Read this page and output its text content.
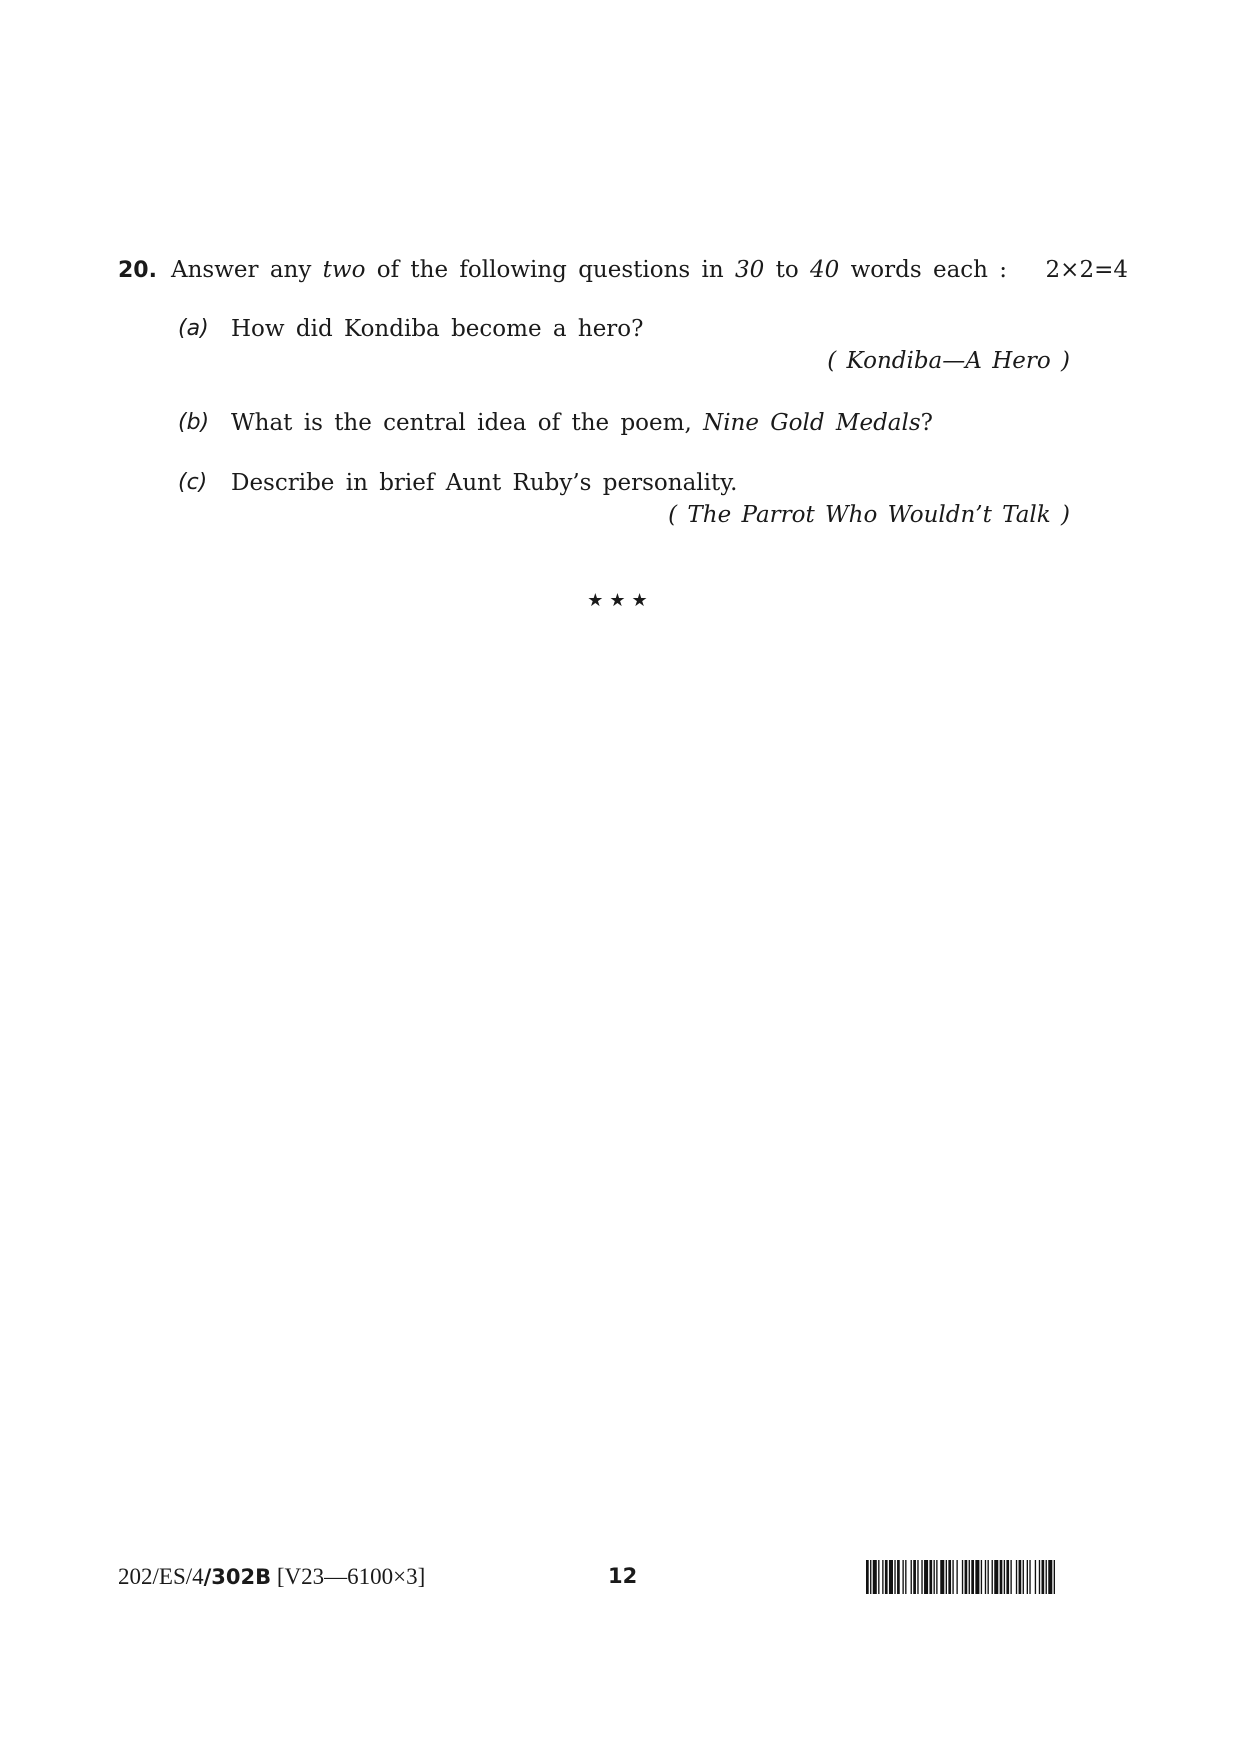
20. Answer any two of the following questions in 30 to 40 words each : 2×2=4
(a) How did Kondiba become a hero?
( Kondiba—A Hero )
(b) What is the central idea of the poem, Nine Gold Medals?
(c) Describe in brief Aunt Ruby’s personality.
( The Parrot Who Wouldn’t Talk )
★★★
202/ES/4/302B [V23—6100×3]	12
